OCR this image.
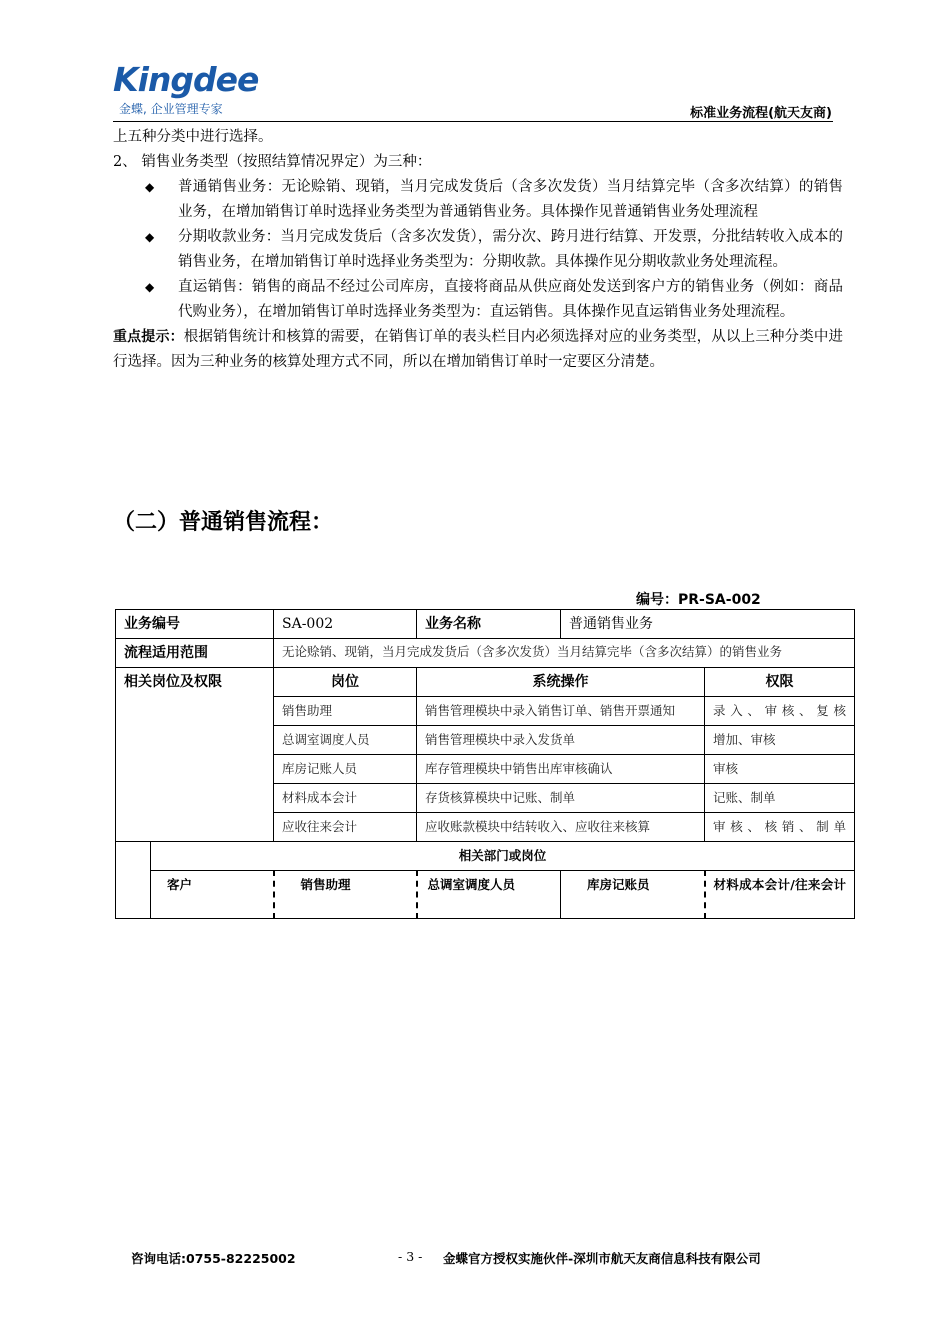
Kingdee
金蝶, 企业管理专家	标准业务流程(航天友商)

上五种分类中进行选择。

2、 销售业务类型（按照结算情况界定）为三种：

◆ 普通销售业务：无论赊销、现销，当月完成发货后（含多次发货）当月结算完毕（含多次结算）的销售业务，在增加销售订单时选择业务类型为普通销售业务。具体操作见普通销售业务处理流程
◆ 分期收款业务：当月完成发货后（含多次发货），需分次、跨月进行结算、开发票，分批结转收入成本的销售业务，在增加销售订单时选择业务类型为：分期收款。具体操作见分期收款业务处理流程。
◆ 直运销售：销售的商品不经过公司库房，直接将商品从供应商处发送到客户方的销售业务（例如：商品代购业务），在增加销售订单时选择业务类型为：直运销售。具体操作见直运销售业务处理流程。

重点提示：根据销售统计和核算的需要，在销售订单的表头栏目内必须选择对应的业务类型，从以上三种分类中进行选择。因为三种业务的核算处理方式不同，所以在增加销售订单时一定要区分清楚。

（二）普通销售流程：
编号：PR-SA-002
业务编号		SA-002	业务名称	普通销售业务	
流程适用范围		无论赊销、现销，当月完成发货后（含多次发货）当月结算完毕（含多次结算）的销售业务			
相关岗位及权限		岗位	系统操作		权限
		销售助理	销售管理模块中录入销售订单、销售开票通知		录入、审核、复核
		总调室调度人员	销售管理模块中录入发货单		增加、审核
		库房记账人员	库存管理模块中销售出库审核确认		审核
		材料成本会计	存货核算模块中记账、制单		记账、制单
		应收往来会计	应收账款模块中结转收入、应收往来核算		审核、核销、制单
	相关部门或岗位				
	客户	销售助理	总调室调度人员	库房记账员	材料成本会计/往来会计
咨询电话:0755-82225002	- 3 - 金蝶官方授权实施伙伴-深圳市航天友商信息科技有限公司
